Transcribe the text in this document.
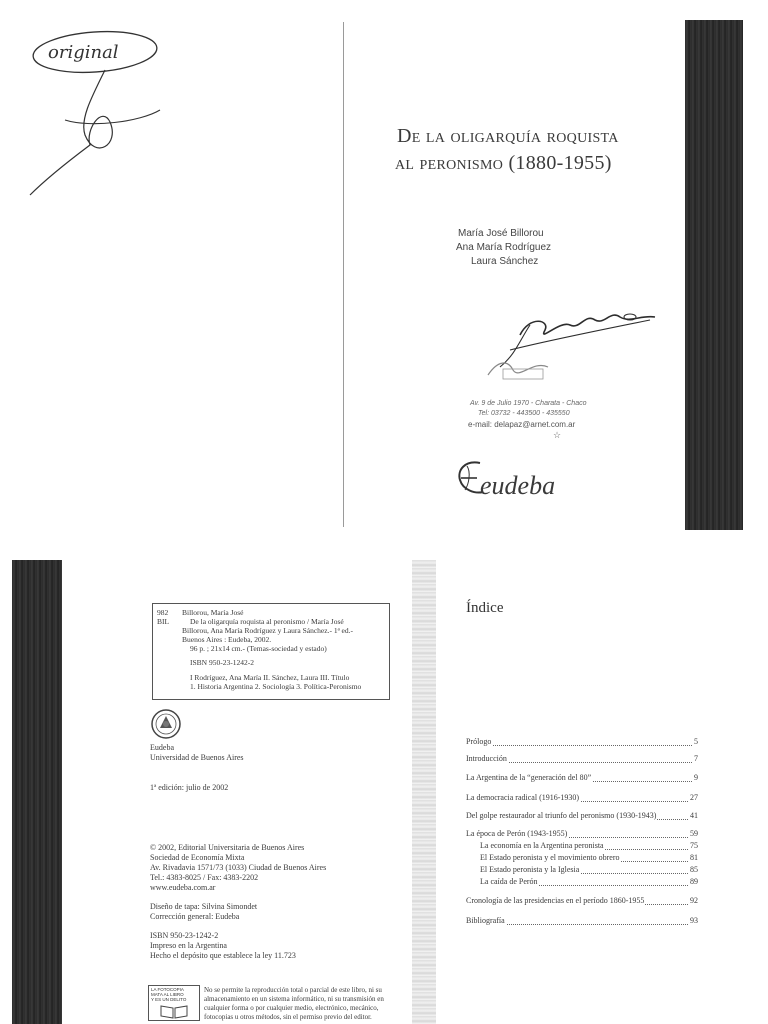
original
De la oligarquía roquista
al peronismo (1880-1955)
María José Billorou
Ana María Rodríguez
Laura Sánchez
Av. 9 de Julio 1970 - Charata - Chaco
Tel: 03732 - 443500 - 435550
e-mail: delapaz@arnet.com.ar
☆
eudeba
982
BIL
Billorou, María José
De la oligarquía roquista al peronismo / María José
Billorou, Ana María Rodríguez y Laura Sánchez.- 1ª ed.-
Buenos Aires : Eudeba, 2002.
96 p. ; 21x14 cm.- (Temas-sociedad y estado)
ISBN 950-23-1242-2
I Rodríguez, Ana María II. Sánchez, Laura III. Título
1. Historia Argentina 2. Sociología 3. Política-Peronismo
Eudeba
Universidad de Buenos Aires
1ª edición: julio de 2002
© 2002, Editorial Universitaria de Buenos Aires
Sociedad de Economía Mixta
Av. Rivadavia 1571/73 (1033) Ciudad de Buenos Aires
Tel.: 4383-8025 / Fax: 4383-2202
www.eudeba.com.ar
Diseño de tapa: Silvina Simondet
Corrección general: Eudeba
ISBN 950-23-1242-2
Impreso en la Argentina
Hecho el depósito que establece la ley 11.723
LA FOTOCOPIA
MATA AL LIBRO
Y ES UN DELITO
No se permite la reproducción total o parcial de este libro, ni su
almacenamiento en un sistema informático, ni su transmisión en
cualquier forma o por cualquier medio, electrónico, mecánico,
fotocopias u otros métodos, sin el permiso previo del editor.
Índice
Prólogo	5
Introducción	7
La Argentina de la “generación del 80”	9
La democracia radical (1916-1930)	27
Del golpe restaurador al triunfo del peronismo (1930-1943)	41
La época de Perón (1943-1955)	59
La economía en la Argentina peronista	75
El Estado peronista y el movimiento obrero	81
El Estado peronista y la Iglesia	85
La caída de Perón	89
Cronología de las presidencias en el período 1860-1955	92
Bibliografía	93
